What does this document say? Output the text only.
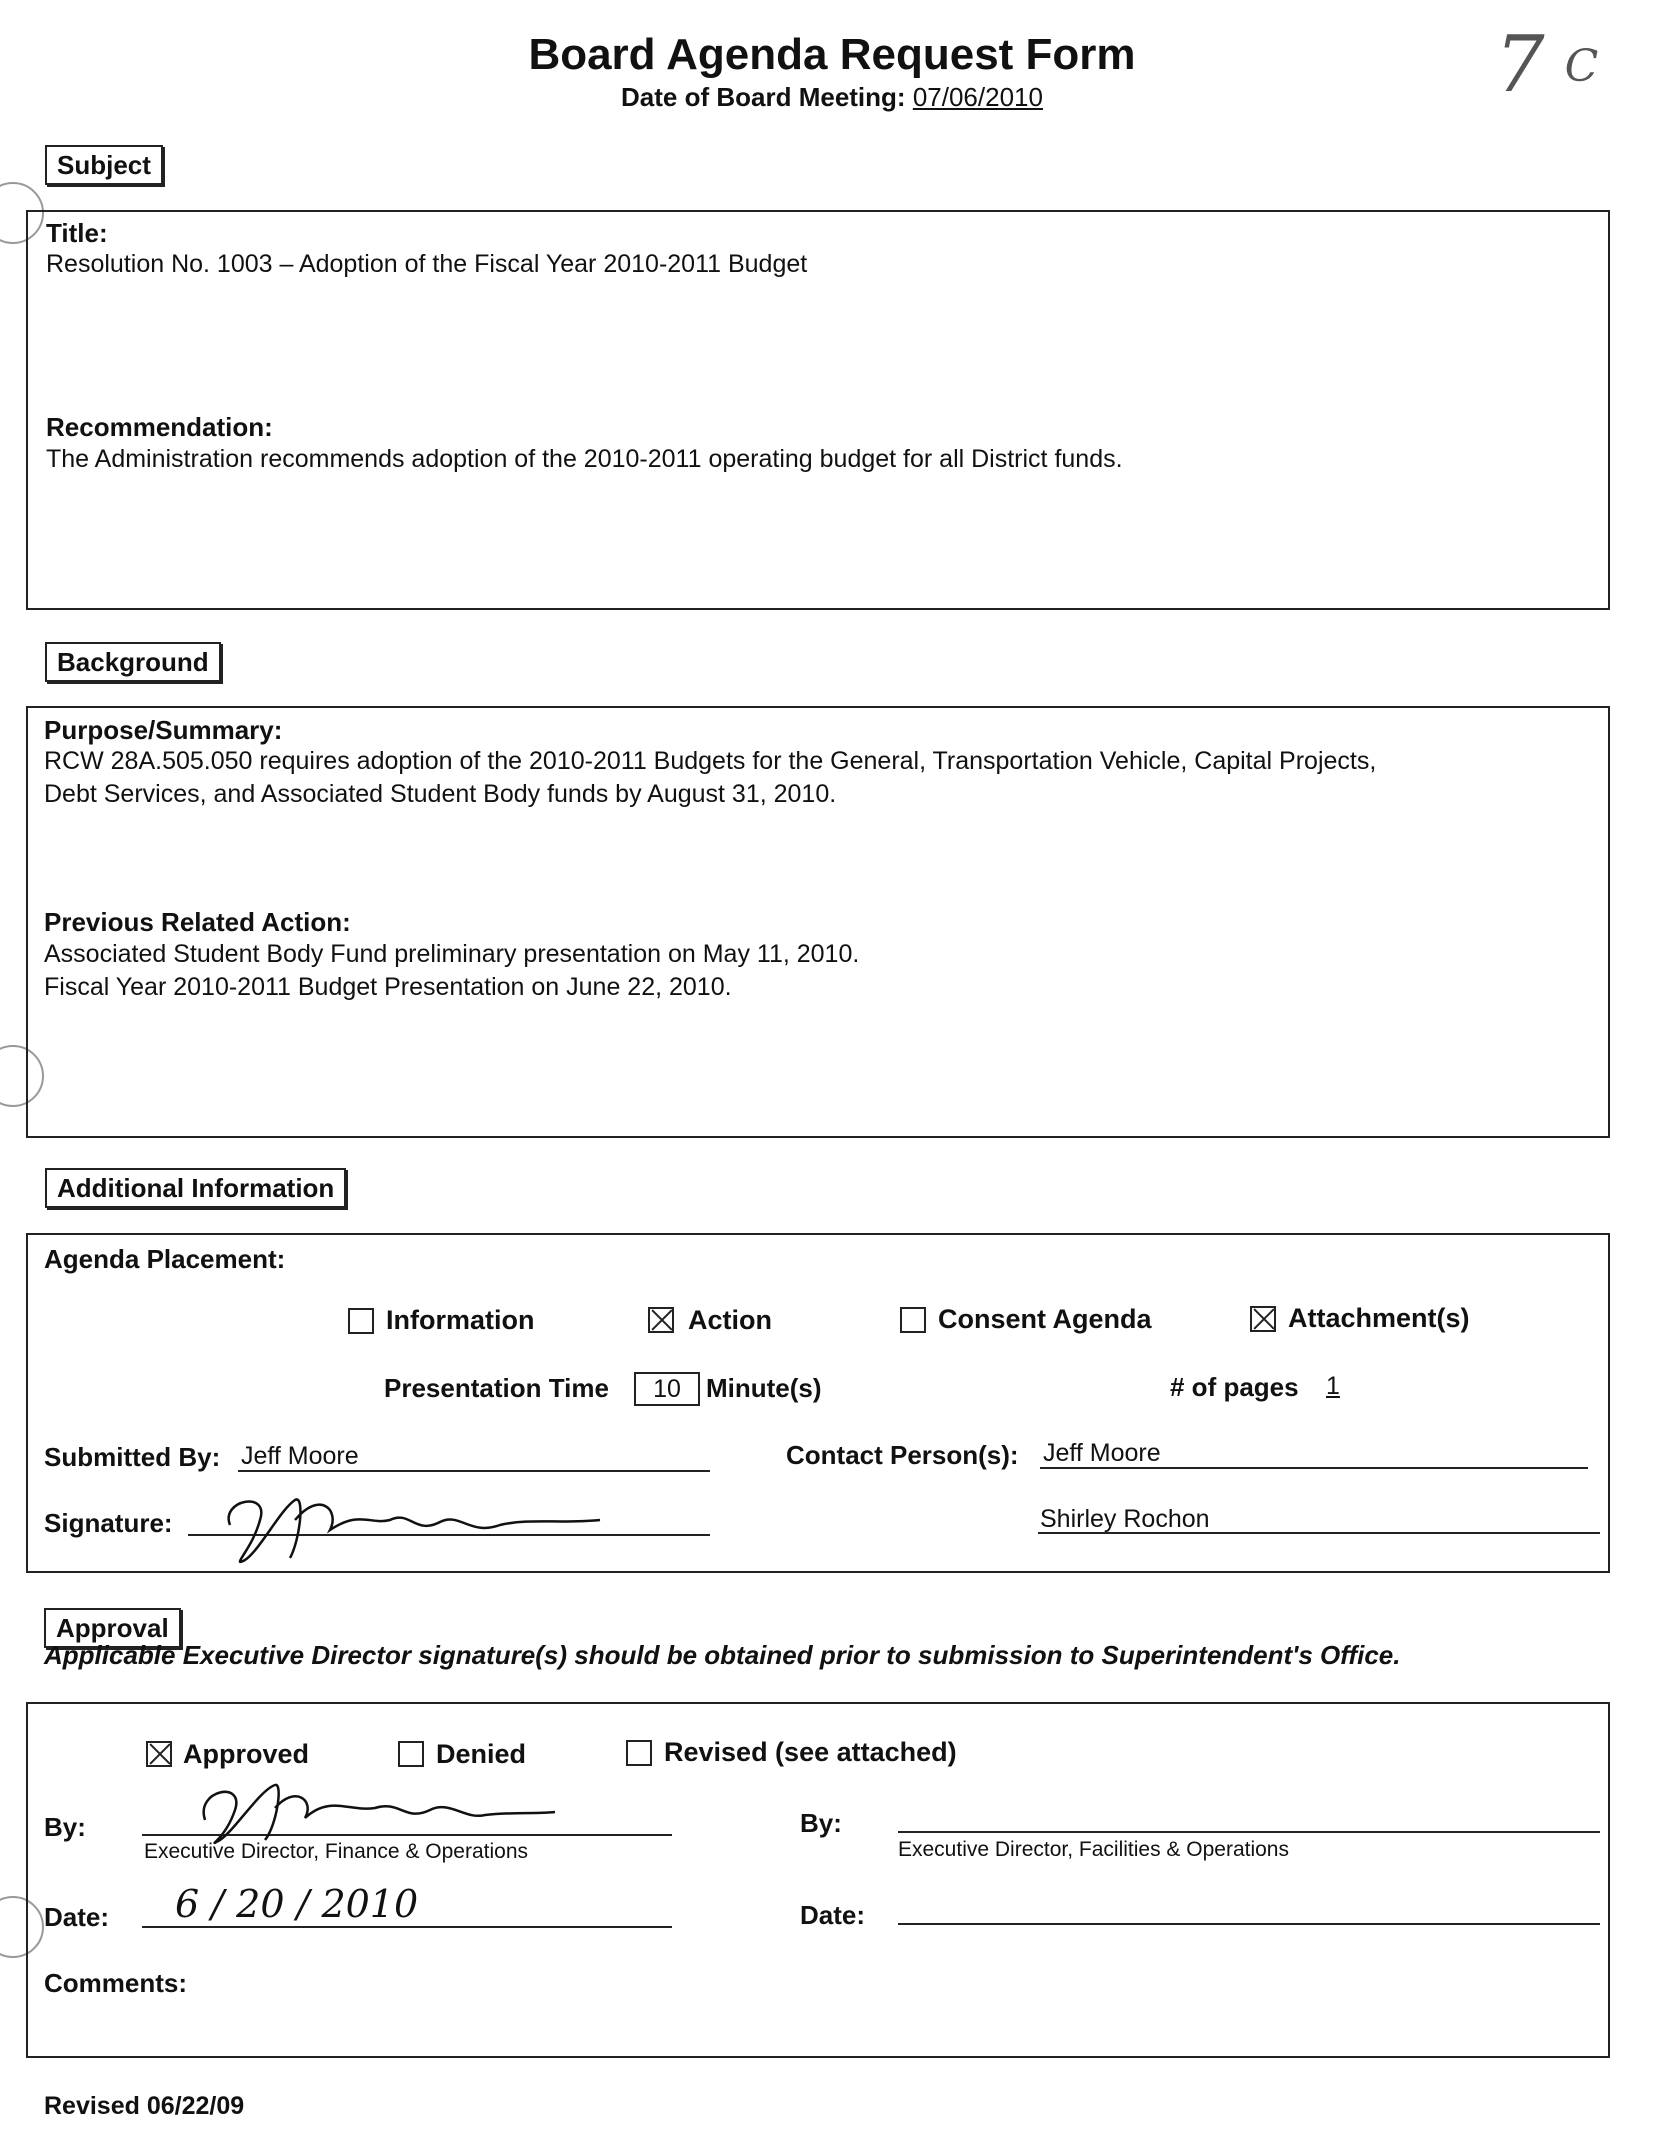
Board Agenda Request Form
Date of Board Meeting: 07/06/2010	7 C
Subject
Title:
Resolution No. 1003 – Adoption of the Fiscal Year 2010-2011 Budget
Recommendation:
The Administration recommends adoption of the 2010-2011 operating budget for all District funds.
Background
Purpose/Summary:
RCW 28A.505.050 requires adoption of the 2010-2011 Budgets for the General, Transportation Vehicle, Capital Projects,
Debt Services, and Associated Student Body funds by August 31, 2010.
Previous Related Action:
Associated Student Body Fund preliminary presentation on May 11, 2010.
Fiscal Year 2010-2011 Budget Presentation on June 22, 2010.
Additional Information
Agenda Placement:
Information	Action	Consent Agenda	Attachment(s)
Presentation Time	10 Minute(s)	# of pages 1
Submitted By: Jeff Moore	Contact Person(s): Jeff Moore
Shirley Rochon
Signature:
Approval
Applicable Executive Director signature(s) should be obtained prior to submission to Superintendent's Office.
Approved	Denied	Revised (see attached)
By:
Executive Director, Finance & Operations
By:
Executive Director, Facilities & Operations
Date: 6 / 20 / 2010	Date:
Comments:
Revised 06/22/09
